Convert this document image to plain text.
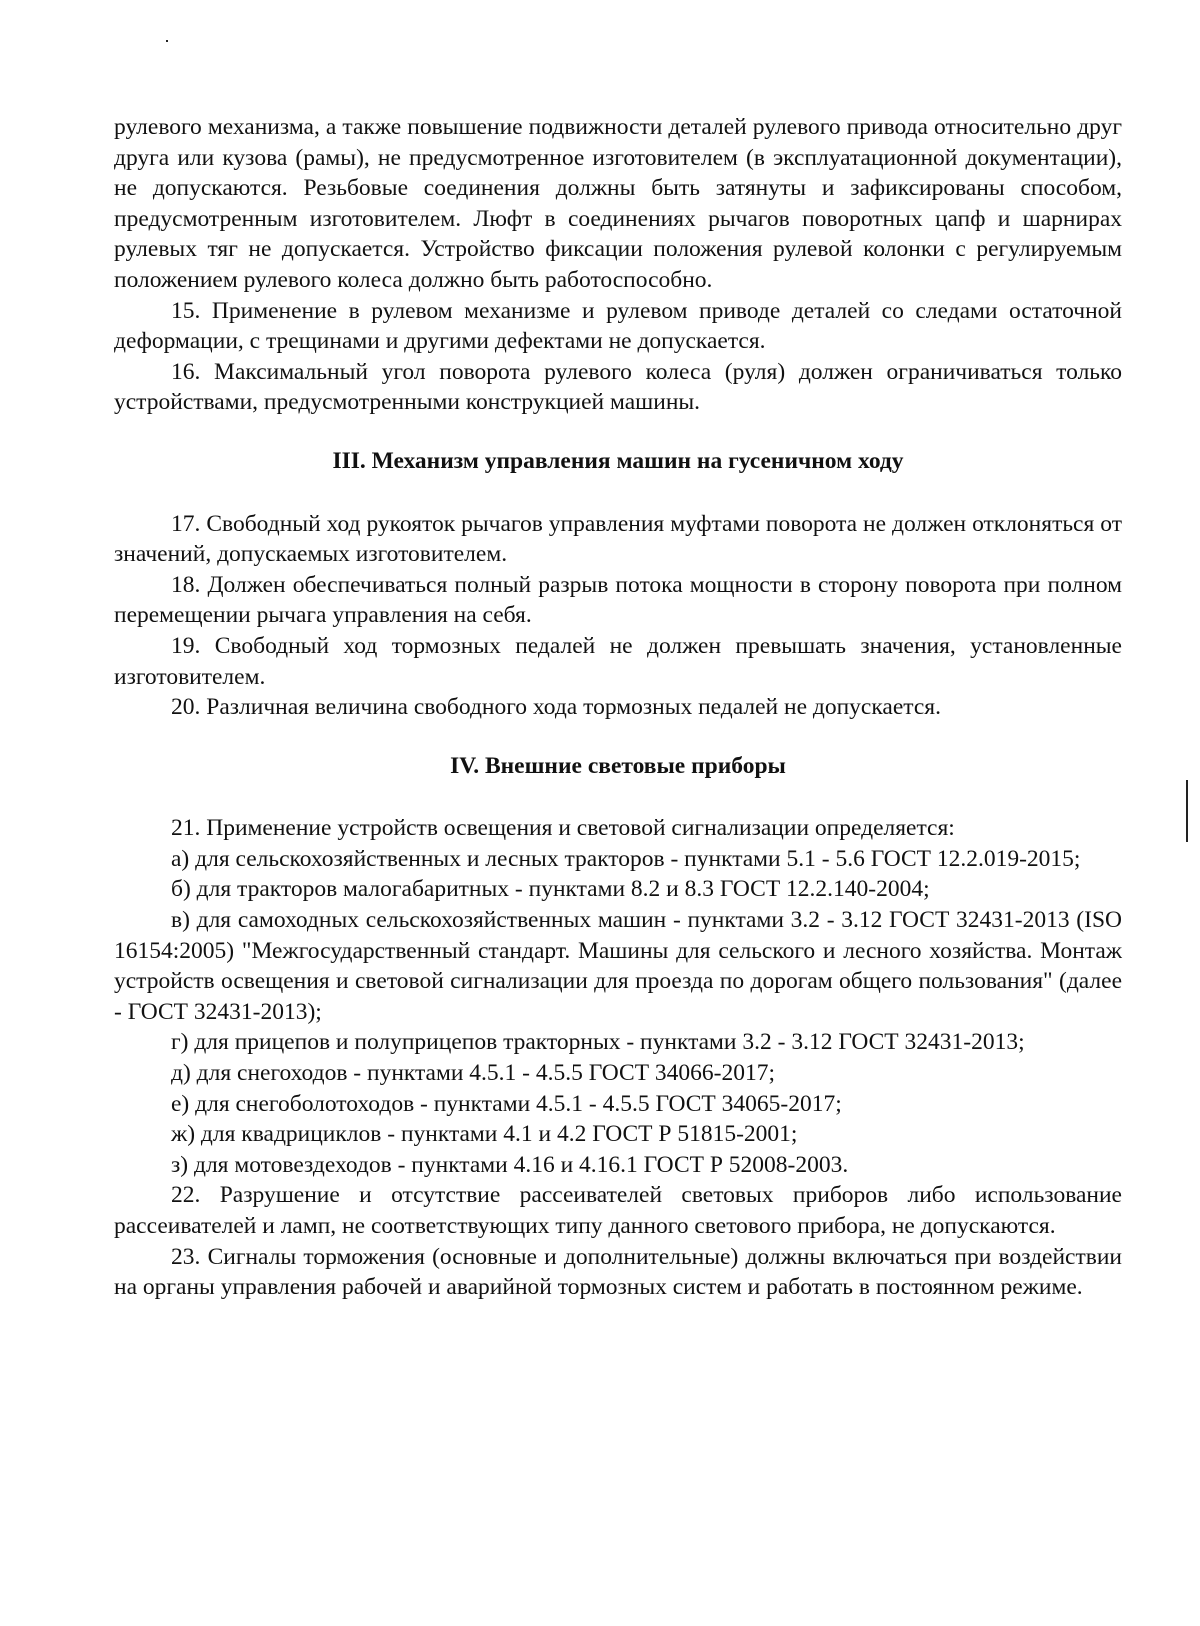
рулевого механизма, а также повышение подвижности деталей рулевого привода относительно друг друга или кузова (рамы), не предусмотренное изготовителем (в эксплуатационной документации), не допускаются. Резьбовые соединения должны быть затянуты и зафиксированы способом, предусмотренным изготовителем. Люфт в соединениях рычагов поворотных цапф и шарнирах рулевых тяг не допускается. Устройство фиксации положения рулевой колонки с регулируемым положением рулевого колеса должно быть работоспособно.

15. Применение в рулевом механизме и рулевом приводе деталей со следами остаточной деформации, с трещинами и другими дефектами не допускается.

16. Максимальный угол поворота рулевого колеса (руля) должен ограничиваться только устройствами, предусмотренными конструкцией машины.

III. Механизм управления машин на гусеничном ходу

17. Свободный ход рукояток рычагов управления муфтами поворота не должен отклоняться от значений, допускаемых изготовителем.

18. Должен обеспечиваться полный разрыв потока мощности в сторону поворота при полном перемещении рычага управления на себя.

19. Свободный ход тормозных педалей не должен превышать значения, установленные изготовителем.

20. Различная величина свободного хода тормозных педалей не допускается.

IV. Внешние световые приборы

21. Применение устройств освещения и световой сигнализации определяется:

а) для сельскохозяйственных и лесных тракторов - пунктами 5.1 - 5.6 ГОСТ 12.2.019-2015;

б) для тракторов малогабаритных - пунктами 8.2 и 8.3 ГОСТ 12.2.140-2004;

в) для самоходных сельскохозяйственных машин - пунктами 3.2 - 3.12 ГОСТ 32431-2013 (ISO 16154:2005) "Межгосударственный стандарт. Машины для сельского и лесного хозяйства. Монтаж устройств освещения и световой сигнализации для проезда по дорогам общего пользования" (далее - ГОСТ 32431-2013);

г) для прицепов и полуприцепов тракторных - пунктами 3.2 - 3.12 ГОСТ 32431-2013;

д) для снегоходов - пунктами 4.5.1 - 4.5.5 ГОСТ 34066-2017;

е) для снегоболотоходов - пунктами 4.5.1 - 4.5.5 ГОСТ 34065-2017;

ж) для квадрициклов - пунктами 4.1 и 4.2 ГОСТ Р 51815-2001;

з) для мотовездеходов - пунктами 4.16 и 4.16.1 ГОСТ Р 52008-2003.

22. Разрушение и отсутствие рассеивателей световых приборов либо использование рассеивателей и ламп, не соответствующих типу данного светового прибора, не допускаются.

23. Сигналы торможения (основные и дополнительные) должны включаться при воздействии на органы управления рабочей и аварийной тормозных систем и работать в постоянном режиме.
